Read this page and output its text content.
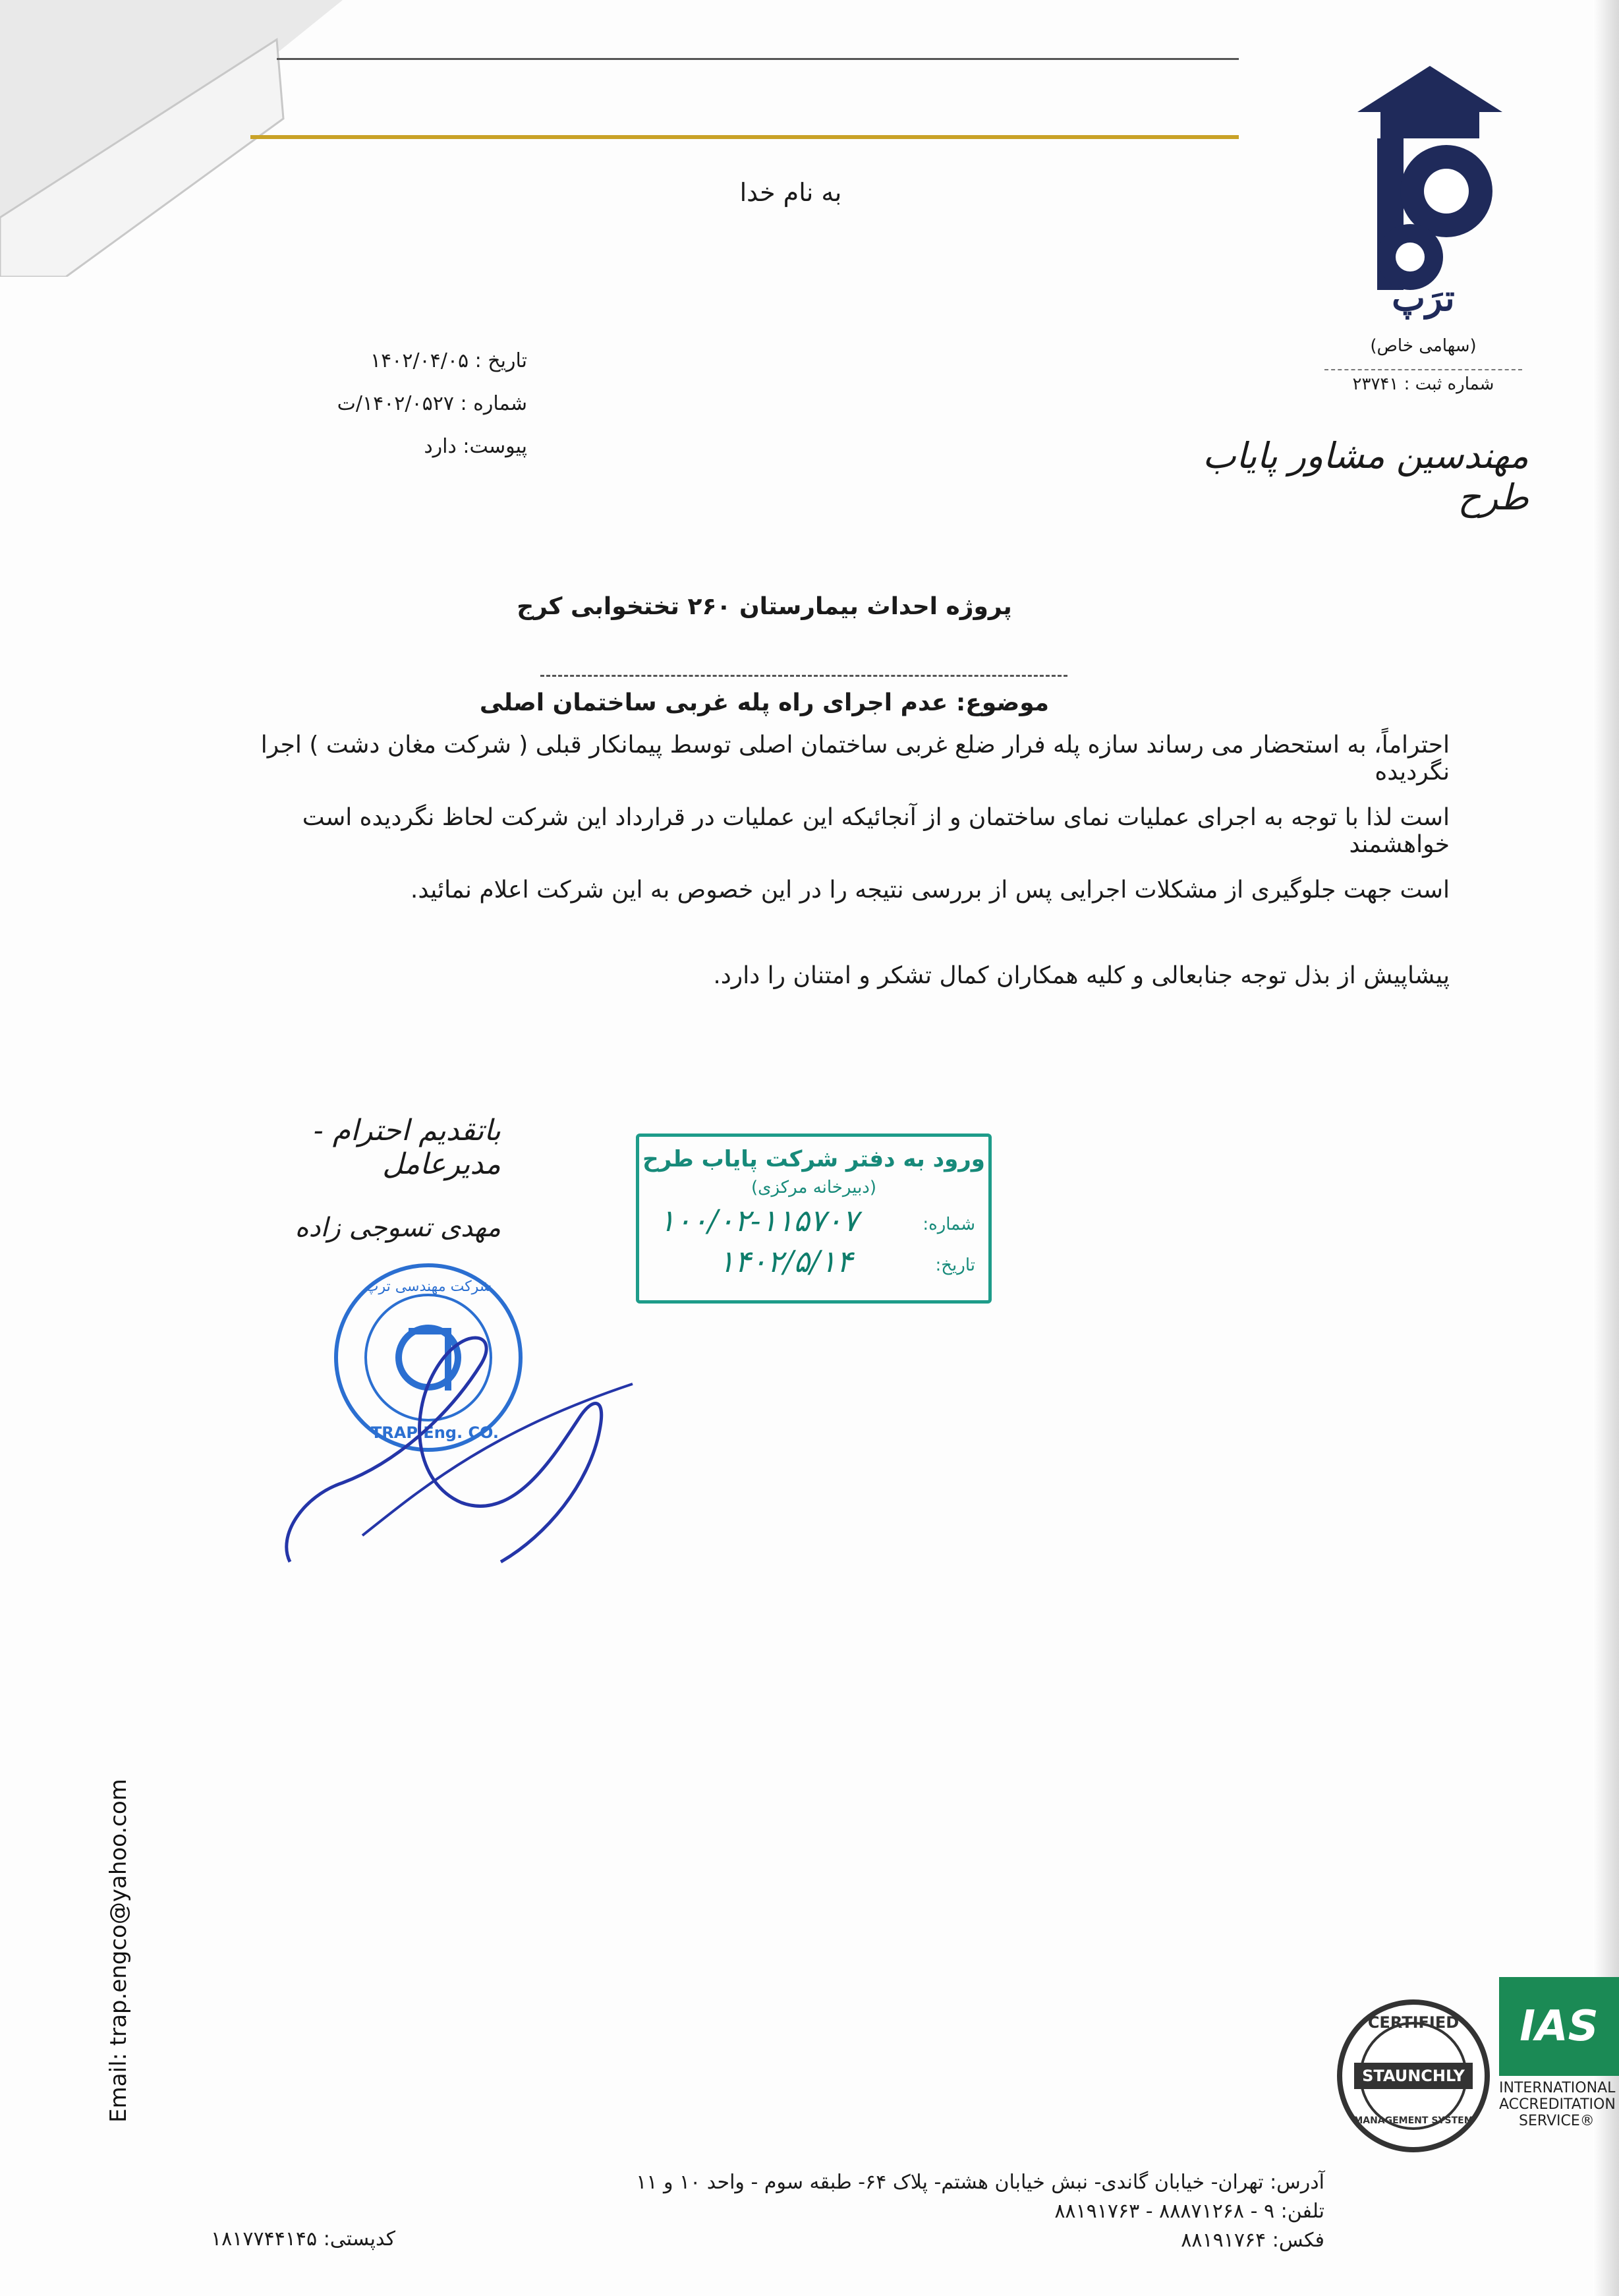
ترَپ
(سهامی خاص)
شماره ثبت : ۲۳۷۴۱
مهندسین مشاور پایاب طرح
به نام خدا
تاریخ : ۱۴۰۲/۰۴/۰۵
شماره : ۱۴۰۲/۰۵۲۷/ت
پیوست: دارد
پروژه احداث بیمارستان ۲۶۰ تختخوابی کرج
موضوع: عدم اجرای راه پله غربی ساختمان اصلی
احتراماً، به استحضار می رساند سازه پله فرار ضلع غربی ساختمان اصلی توسط پیمانکار قبلی ( شرکت مغان دشت ) اجرا نگردیده
است لذا با توجه به اجرای عملیات نمای ساختمان و از آنجائیکه این عملیات در قرارداد این شرکت لحاظ نگردیده است خواهشمند
است جهت جلوگیری از مشکلات اجرایی پس از بررسی نتیجه را در این خصوص به این شرکت اعلام نمائید.
پیشاپیش از بذل توجه جنابعالی و کلیه همکاران کمال تشکر و امتنان را دارد.
باتقدیم احترام - مدیرعامل
مهدی تسوجی زاده
ورود به دفتر شرکت پایاب طرح
(دبیرخانه مرکزی)
شماره:
۱۰۰/۰۲-۱۱۵۷۰۷
تاریخ:
۱۴۰۲/۵/۱۴
شرکت مهندسی ترپ
TRAP Eng. CO.
Email: trap.engco@yahoo.com	CERTIFIED
STAUNCHLY
MANAGEMENT SYSTEM
IAS
INTERNATIONAL
ACCREDITATION
SERVICE®
آدرس: تهران- خیابان گاندی- نبش خیابان هشتم- پلاک ۶۴- طبقه سوم - واحد ۱۰ و ۱۱
تلفن: ۹ - ۸۸۸۷۱۲۶۸ - ۸۸۱۹۱۷۶۳
فکس: ۸۸۱۹۱۷۶۴
کدپستی: ۱۸۱۷۷۴۴۱۴۵
